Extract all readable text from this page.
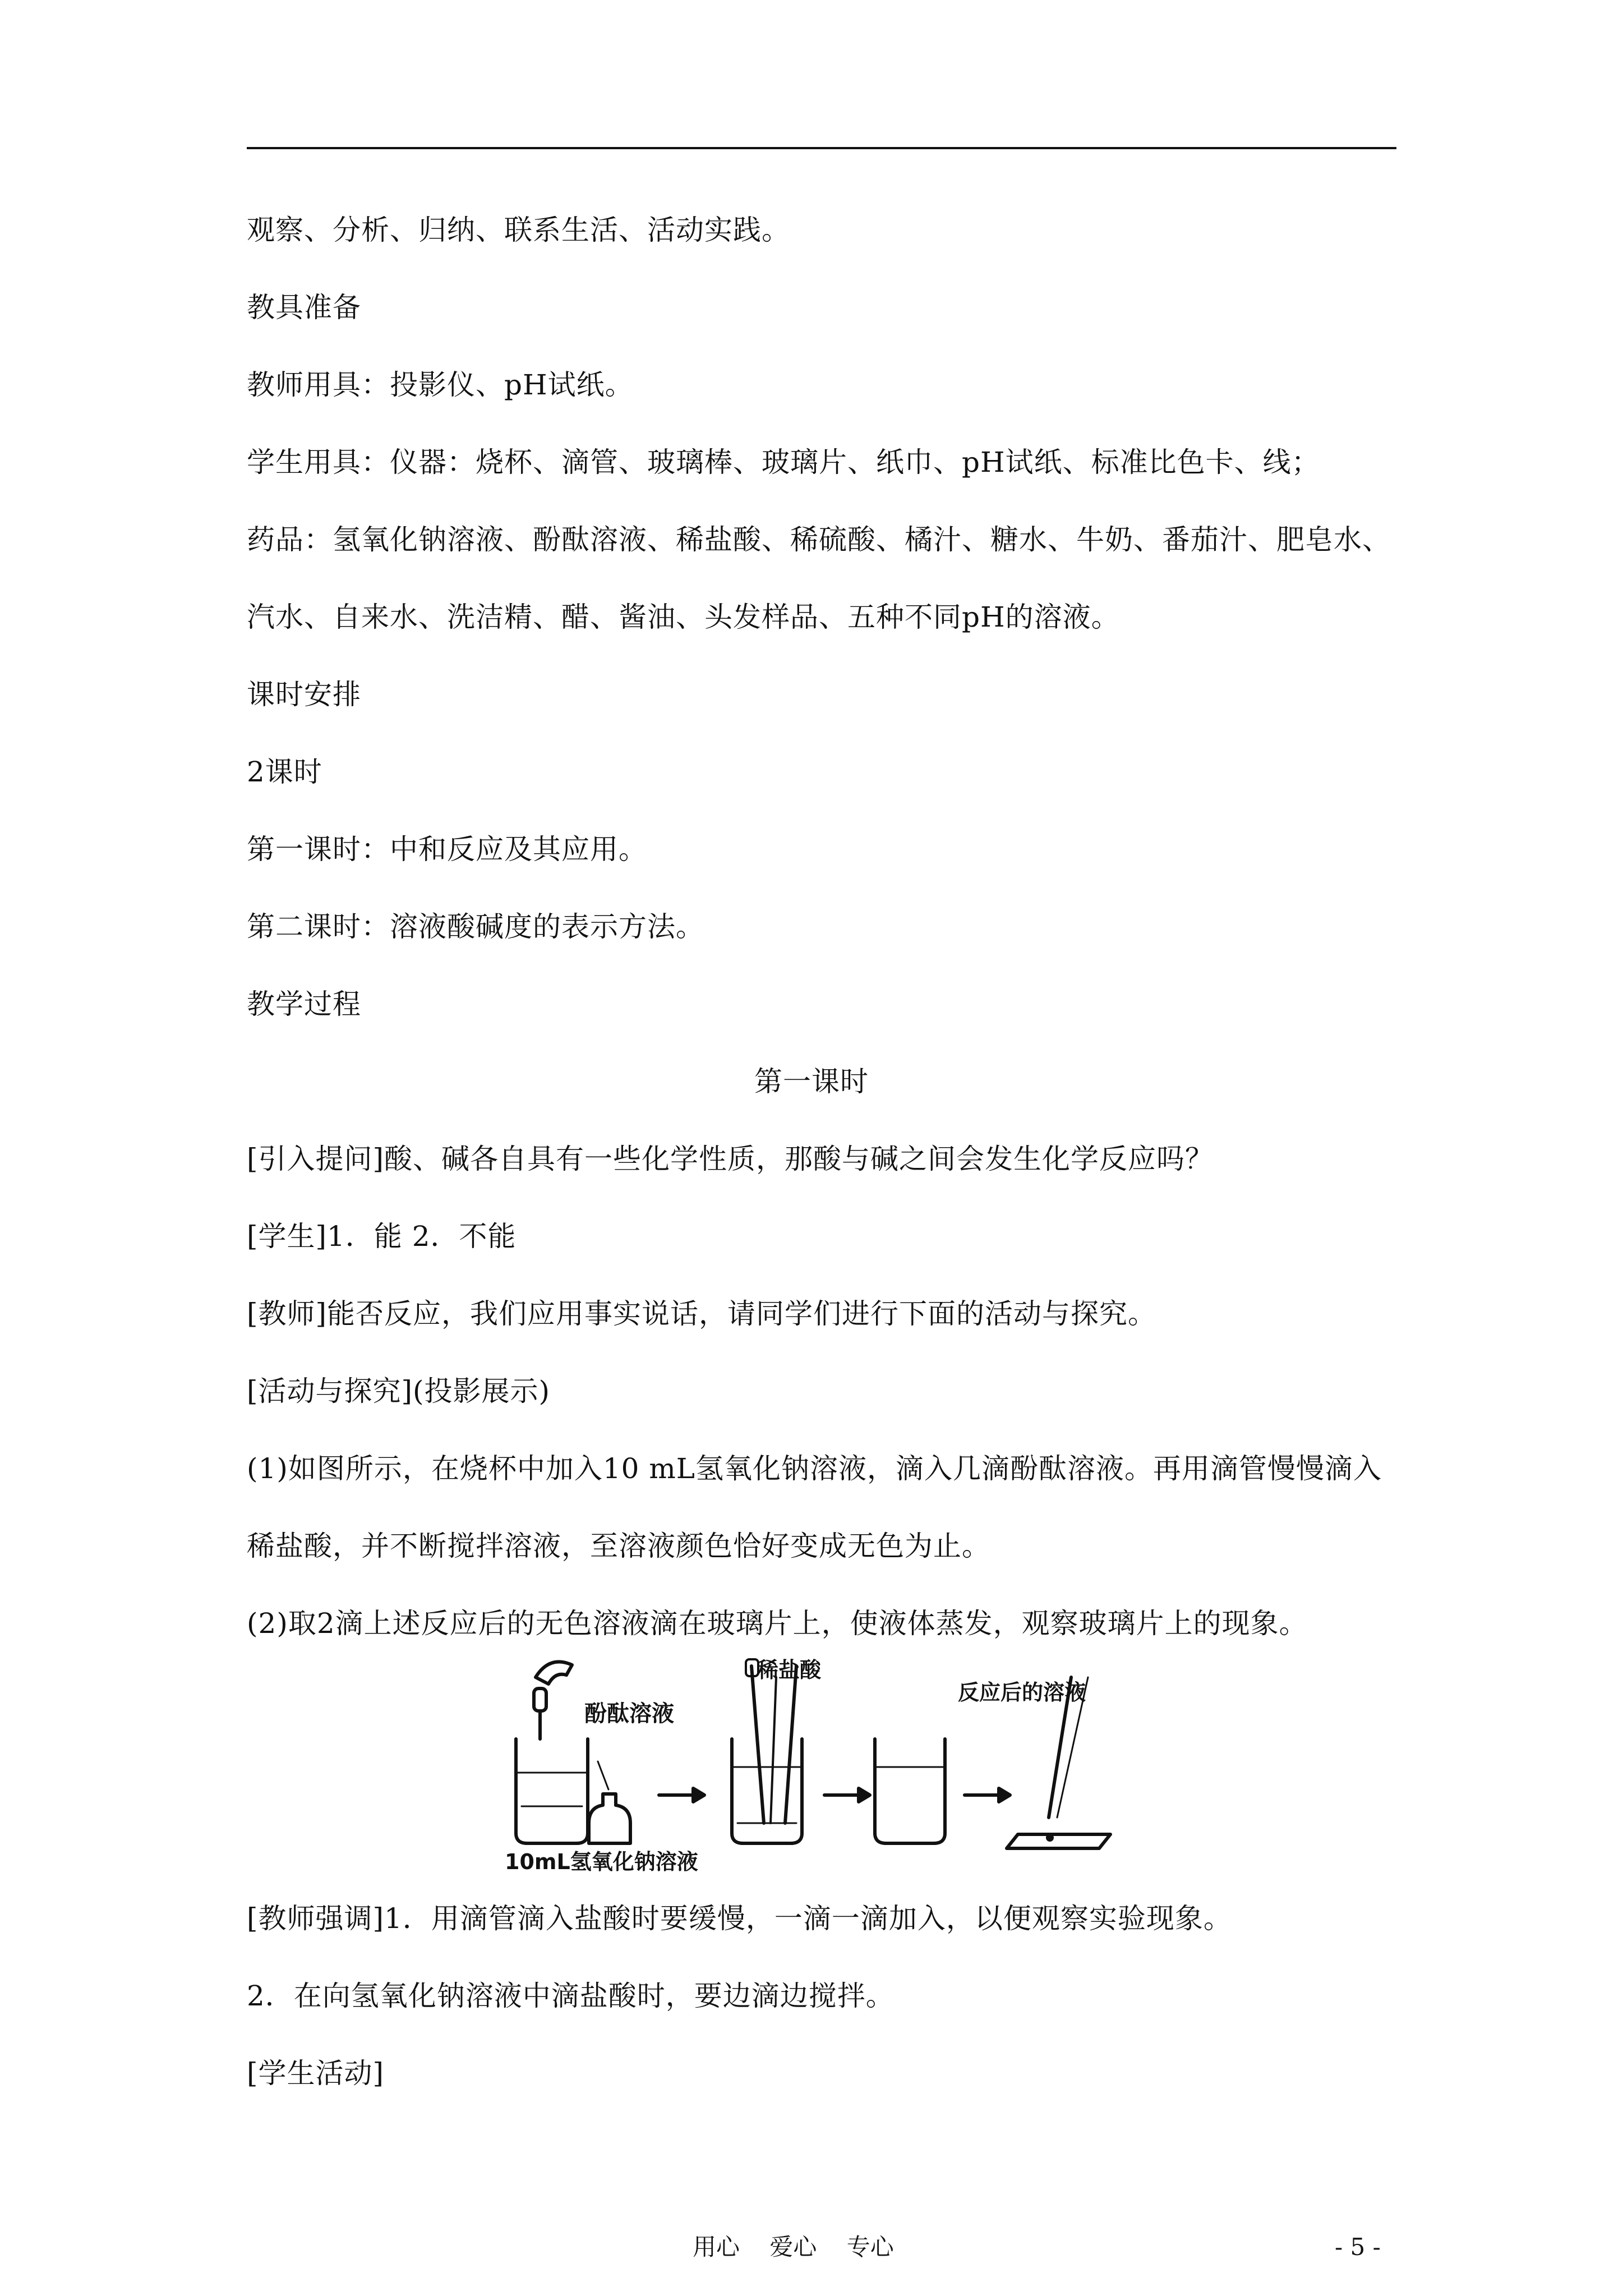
观察、分析、归纳、联系生活、活动实践。
教具准备
教师用具：投影仪、pH试纸。
学生用具：仪器：烧杯、滴管、玻璃棒、玻璃片、纸巾、pH试纸、标准比色卡、线；
药品：氢氧化钠溶液、酚酞溶液、稀盐酸、稀硫酸、橘汁、糖水、牛奶、番茄汁、肥皂水、
汽水、自来水、洗洁精、醋、酱油、头发样品、五种不同pH的溶液。
课时安排
2课时
第一课时：中和反应及其应用。
第二课时：溶液酸碱度的表示方法。
教学过程
第一课时
[引入提问]酸、碱各自具有一些化学性质，那酸与碱之间会发生化学反应吗？
[学生]1．能 2．不能
[教师]能否反应，我们应用事实说话，请同学们进行下面的活动与探究。
[活动与探究](投影展示)
(1)如图所示，在烧杯中加入10 mL氢氧化钠溶液，滴入几滴酚酞溶液。再用滴管慢慢滴入
稀盐酸，并不断搅拌溶液，至溶液颜色恰好变成无色为止。
(2)取2滴上述反应后的无色溶液滴在玻璃片上，使液体蒸发，观察玻璃片上的现象。
酚酞溶液
10mL氢氧化钠溶液
稀盐酸
反应后的溶液
[教师强调]1．用滴管滴入盐酸时要缓慢，一滴一滴加入，以便观察实验现象。
2．在向氢氧化钠溶液中滴盐酸时，要边滴边搅拌。
[学生活动]
用心 爱心 专心	- 5 -
